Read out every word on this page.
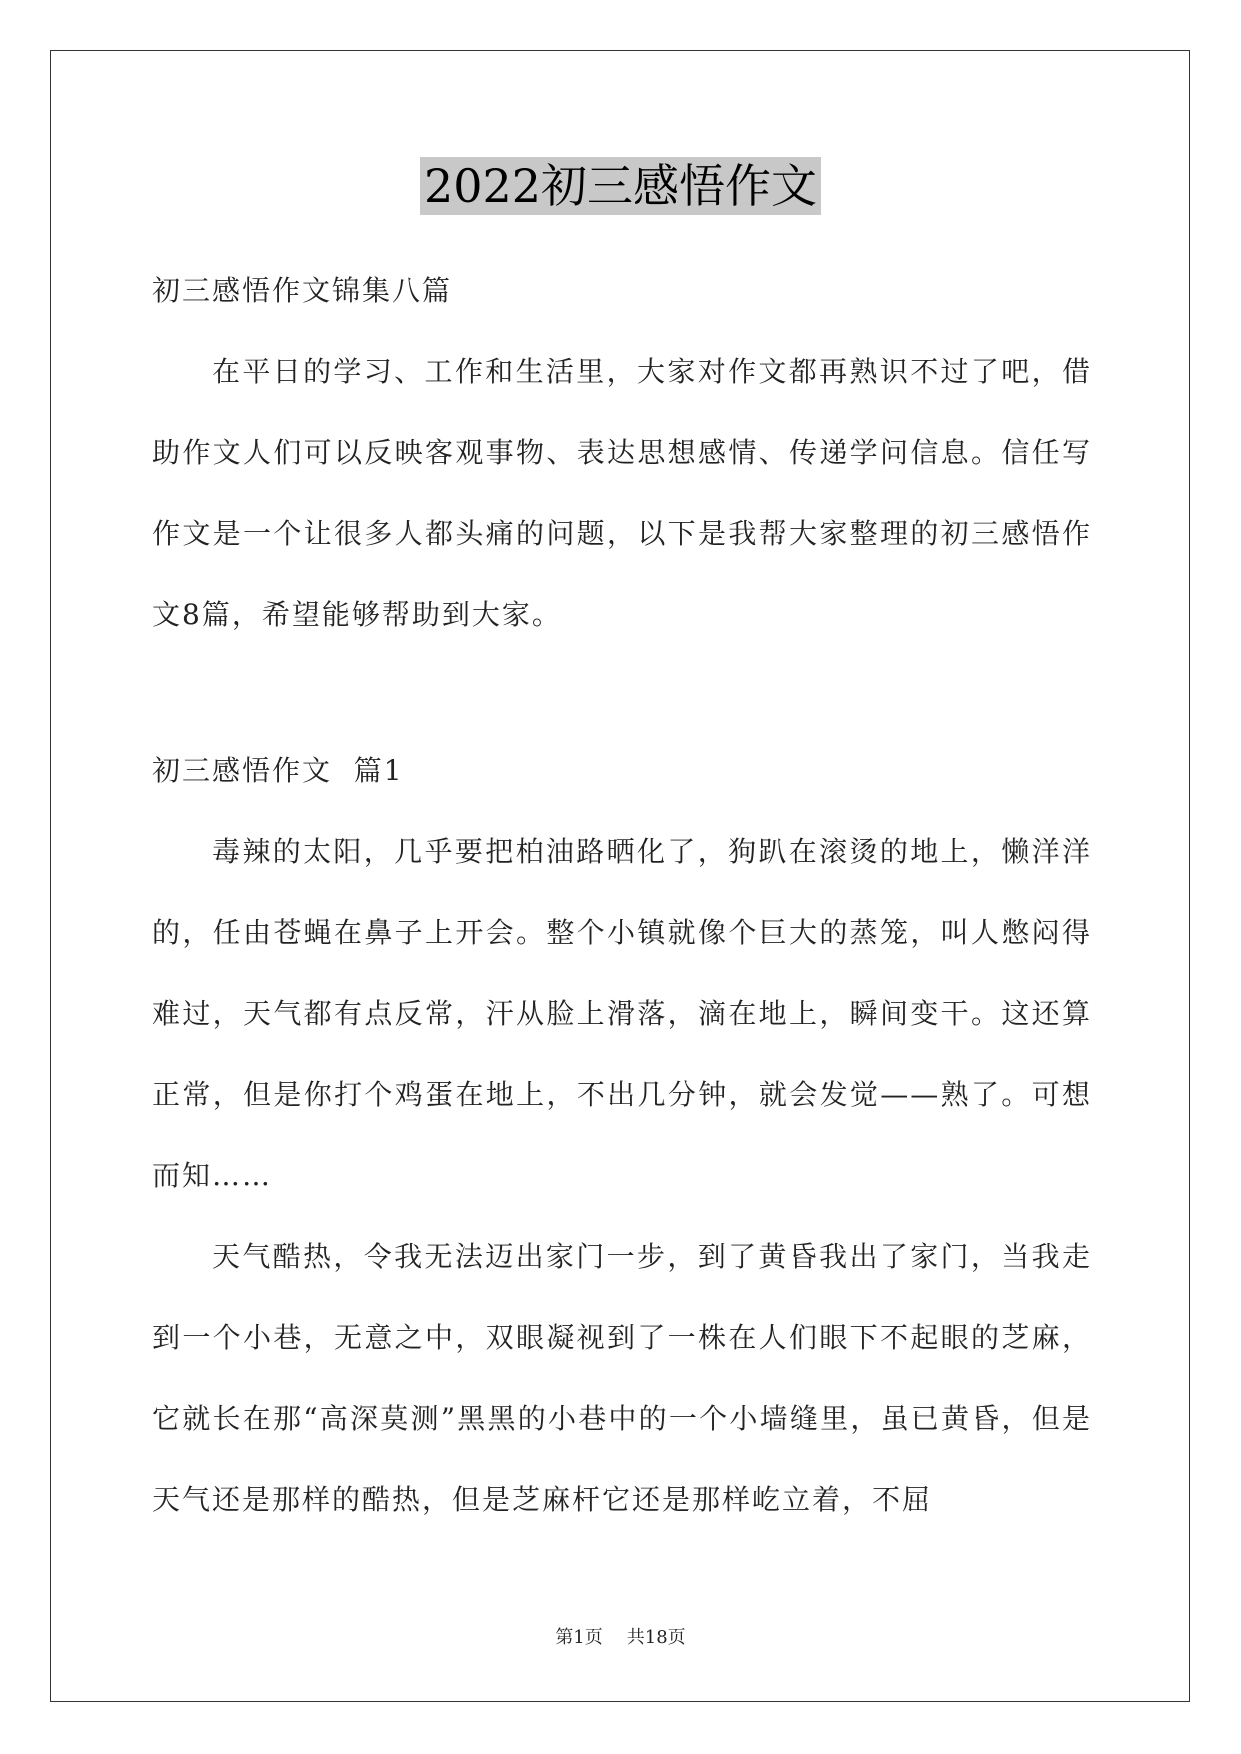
2022初三感悟作文

初三感悟作文锦集八篇

在平日的学习、工作和生活里，大家对作文都再熟识不过了吧，借助作文人们可以反映客观事物、表达思想感情、传递学问信息。信任写作文是一个让很多人都头痛的问题，以下是我帮大家整理的初三感悟作文8篇，希望能够帮助到大家。

初三感悟作文  篇1

毒辣的太阳，几乎要把柏油路晒化了，狗趴在滚烫的地上，懒洋洋的，任由苍蝇在鼻子上开会。整个小镇就像个巨大的蒸笼，叫人憋闷得难过，天气都有点反常，汗从脸上滑落，滴在地上，瞬间变干。这还算正常，但是你打个鸡蛋在地上，不出几分钟，就会发觉——熟了。可想而知……

天气酷热，令我无法迈出家门一步，到了黄昏我出了家门，当我走到一个小巷，无意之中，双眼凝视到了一株在人们眼下不起眼的芝麻，它就长在那“高深莫测”黑黑的小巷中的一个小墙缝里，虽已黄昏，但是天气还是那样的酷热，但是芝麻杆它还是那样屹立着，不屈

第1页 共18页
